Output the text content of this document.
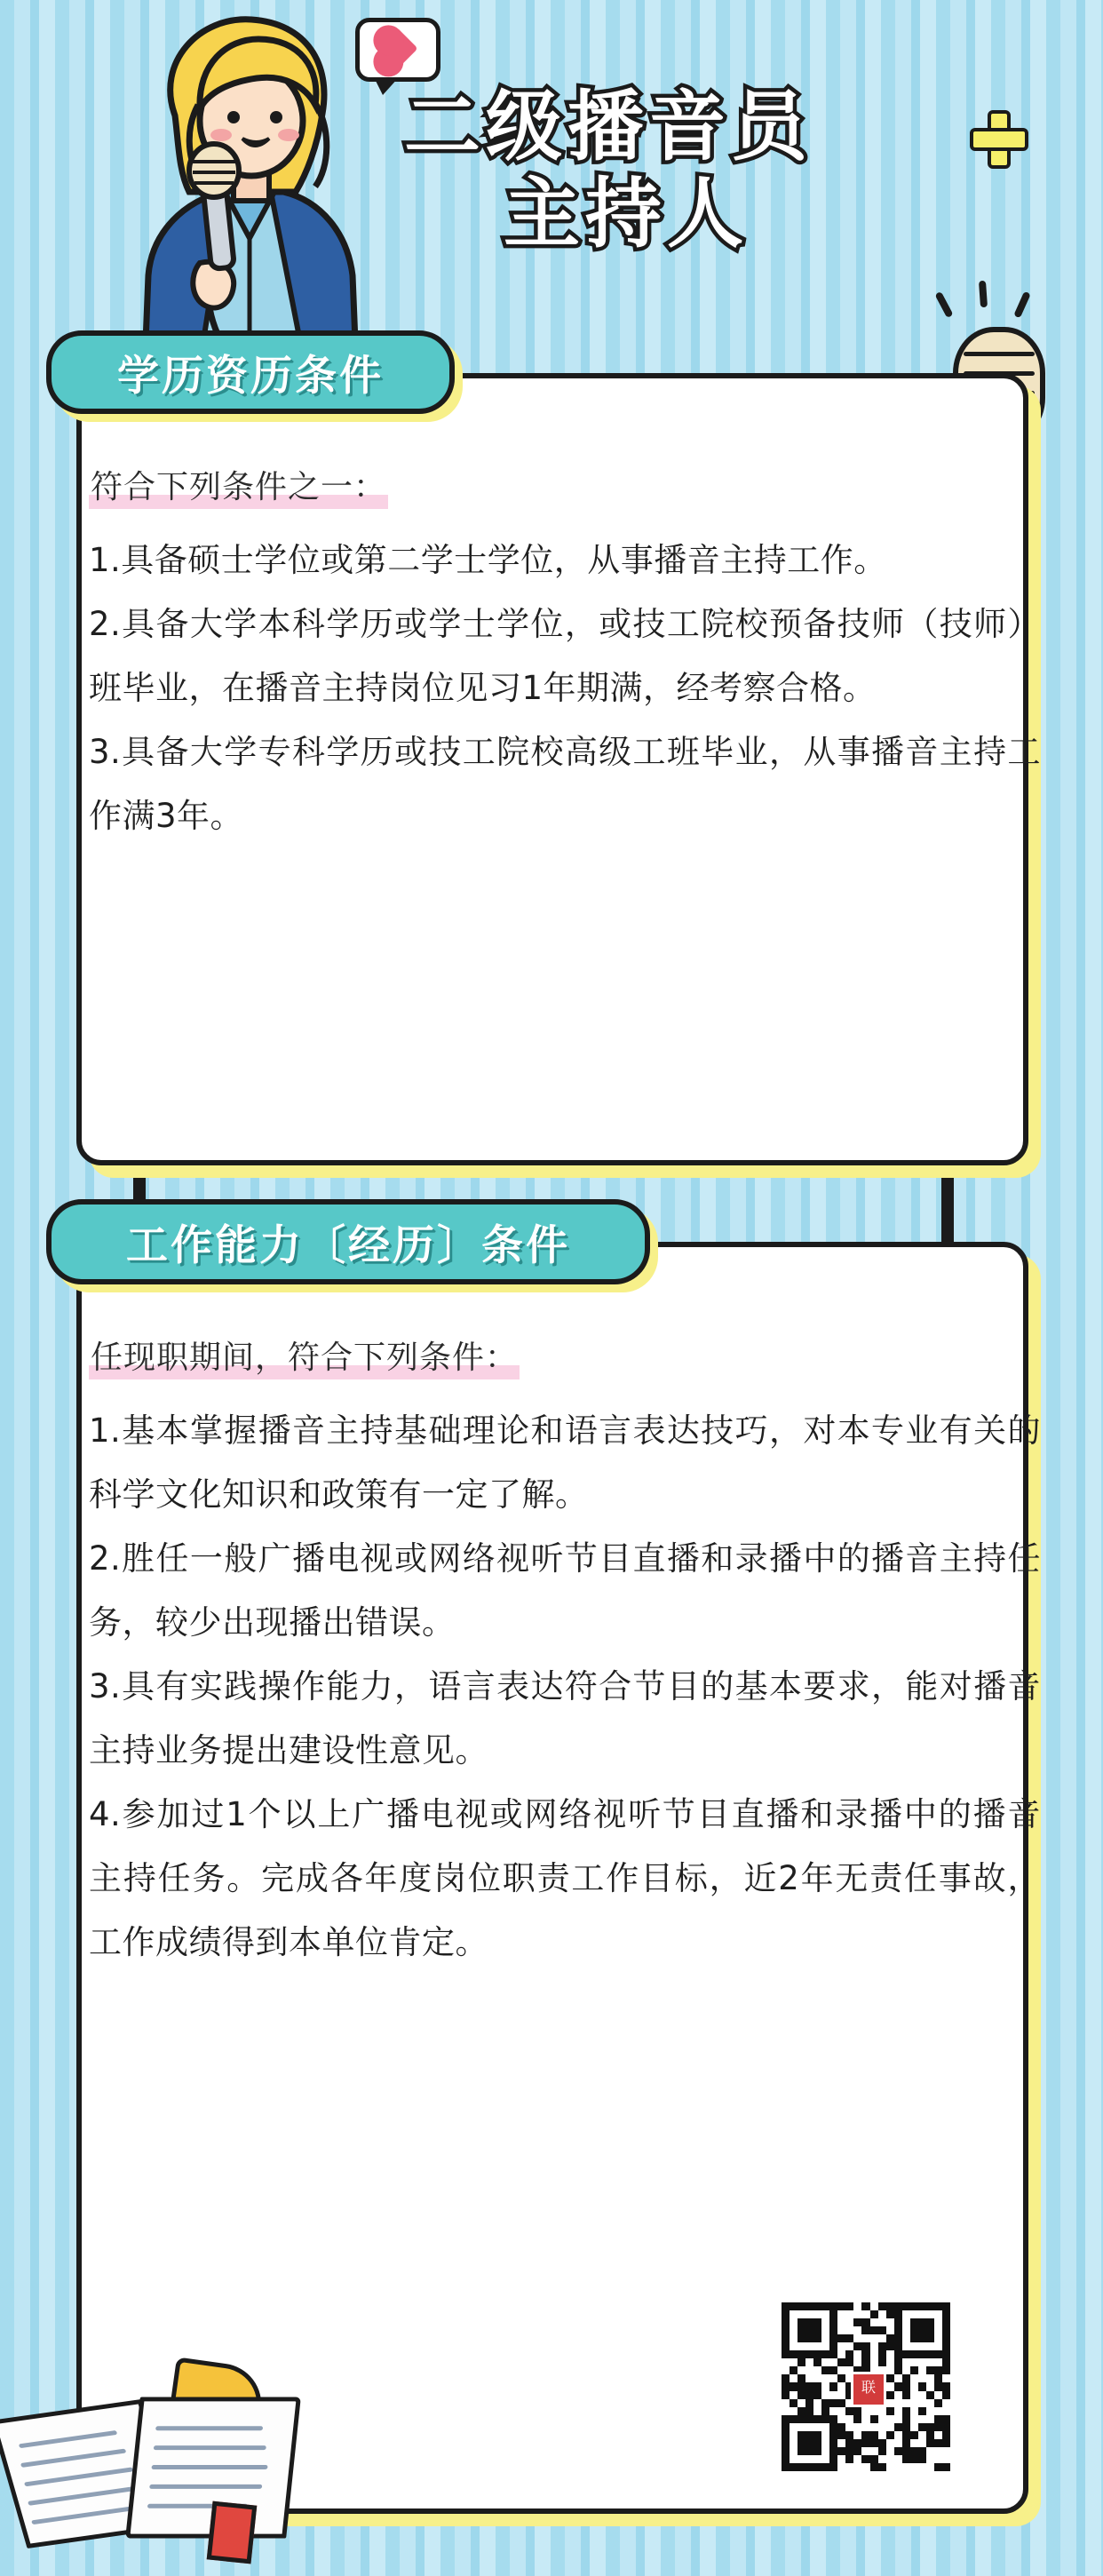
二级播音员
主持人
学历资历条件
符合下列条件之一：

1.具备硕士学位或第二学士学位，从事播音主持工作。

2.具备大学本科学历或学士学位，或技工院校预备技师（技师）班毕业，在播音主持岗位见习1年期满，经考察合格。

3.具备大学专科学历或技工院校高级工班毕业，从事播音主持工作满3年。

工作能力〔经历〕条件
任现职期间，符合下列条件：

1.基本掌握播音主持基础理论和语言表达技巧，对本专业有关的科学文化知识和政策有一定了解。

2.胜任一般广播电视或网络视听节目直播和录播中的播音主持任务，较少出现播出错误。

3.具有实践操作能力，语言表达符合节目的基本要求，能对播音主持业务提出建设性意见。

4.参加过1个以上广播电视或网络视听节目直播和录播中的播音主持任务。完成各年度岗位职责工作目标，近2年无责任事故，工作成绩得到本单位肯定。

联
